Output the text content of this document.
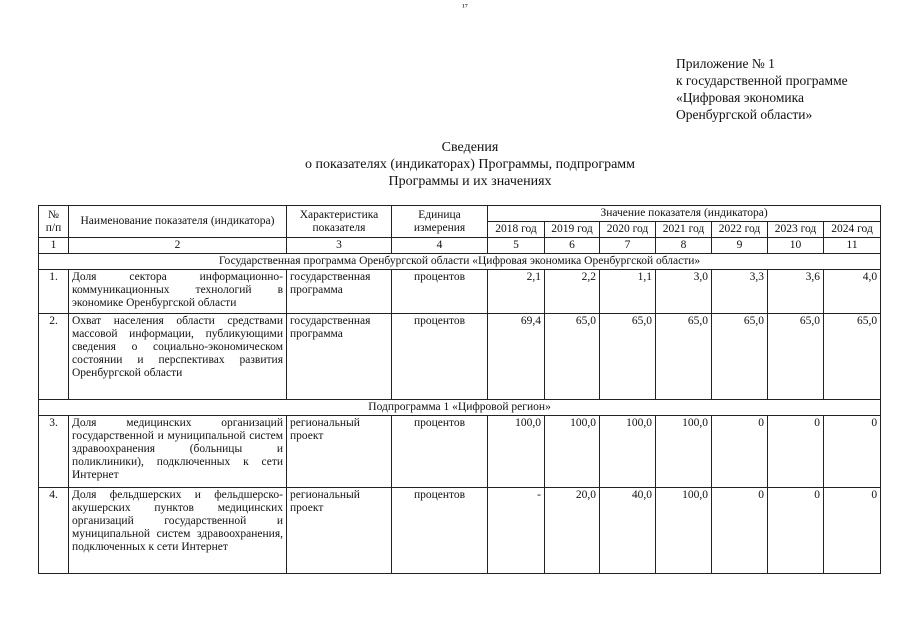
¹⁷
Приложение № 1
к государственной программе
«Цифровая экономика
Оренбургской области»
Сведения
о показателях (индикаторах) Программы, подпрограмм
Программы и их значениях
№ п/п	Наименование показателя (индикатора)	Характеристика показателя	Единица измерения	Значение показателя (индикатора)						
				2018 год	2019 год	2020 год	2021 год	2022 год	2023 год	2024 год
1	2	3	4	5	6	7	8	9	10	11
Государственная программа Оренбургской области «Цифровая экономика Оренбургской области»										
1.	Доля сектора информационно-коммуникационных технологий в экономике Оренбургской области	государственная программа	процентов	2,1	2,2	1,1	3,0	3,3	3,6	4,0
2.	Охват населения области средствами массовой информации, публикующими сведения о социально-экономическом состоянии и перспективах развития Оренбургской области	государственная программа	процентов	69,4	65,0	65,0	65,0	65,0	65,0	65,0
Подпрограмма 1 «Цифровой регион»										
3.	Доля медицинских организаций государственной и муниципальной систем здравоохранения (больницы и поликлиники), подключенных к сети Интернет	региональный проект	процентов	100,0	100,0	100,0	100,0	0	0	0
4.	Доля фельдшерских и фельдшерско-акушерских пунктов медицинских организаций государственной и муниципальной систем здравоохранения, подключенных к сети Интернет	региональный проект	процентов	-	20,0	40,0	100,0	0	0	0
